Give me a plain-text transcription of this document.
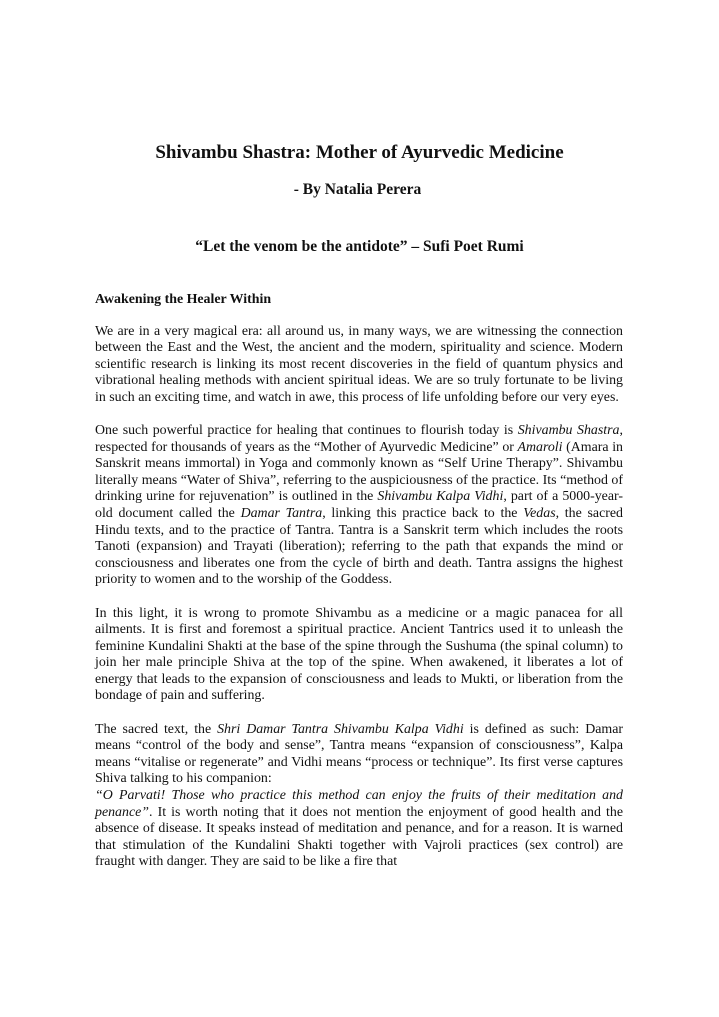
Shivambu Shastra: Mother of Ayurvedic Medicine
- By Natalia Perera
“Let the venom be the antidote” – Sufi Poet Rumi
Awakening the Healer Within

We are in a very magical era: all around us, in many ways, we are witnessing the connection between the East and the West, the ancient and the modern, spirituality and science. Modern scientific research is linking its most recent discoveries in the field of quantum physics and vibrational healing methods with ancient spiritual ideas. We are so truly fortunate to be living in such an exciting time, and watch in awe, this process of life unfolding before our very eyes.

One such powerful practice for healing that continues to flourish today is Shivambu Shastra, respected for thousands of years as the “Mother of Ayurvedic Medicine” or Amaroli (Amara in Sanskrit means immortal) in Yoga and commonly known as “Self Urine Therapy”. Shivambu literally means “Water of Shiva”, referring to the auspiciousness of the practice. Its “method of drinking urine for rejuvenation” is outlined in the Shivambu Kalpa Vidhi, part of a 5000-year-old document called the Damar Tantra, linking this practice back to the Vedas, the sacred Hindu texts, and to the practice of Tantra. Tantra is a Sanskrit term which includes the roots Tanoti (expansion) and Trayati (liberation); referring to the path that expands the mind or consciousness and liberates one from the cycle of birth and death. Tantra assigns the highest priority to women and to the worship of the Goddess.

In this light, it is wrong to promote Shivambu as a medicine or a magic panacea for all ailments. It is first and foremost a spiritual practice. Ancient Tantrics used it to unleash the feminine Kundalini Shakti at the base of the spine through the Sushuma (the spinal column) to join her male principle Shiva at the top of the spine. When awakened, it liberates a lot of energy that leads to the expansion of consciousness and leads to Mukti, or liberation from the bondage of pain and suffering.

The sacred text, the Shri Damar Tantra Shivambu Kalpa Vidhi is defined as such: Damar means “control of the body and sense”, Tantra means “expansion of consciousness”, Kalpa means “vitalise or regenerate” and Vidhi means “process or technique”. Its first verse captures Shiva talking to his companion:

“O Parvati! Those who practice this method can enjoy the fruits of their meditation and penance”. It is worth noting that it does not mention the enjoyment of good health and the absence of disease. It speaks instead of meditation and penance, and for a reason. It is warned that stimulation of the Kundalini Shakti together with Vajroli practices (sex control) are fraught with danger. They are said to be like a fire that
